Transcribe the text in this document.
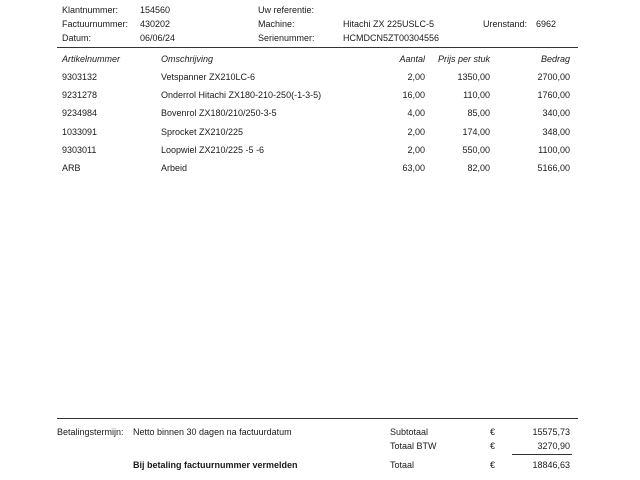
Klantnummer: 154560
Factuurnummer: 430202
Datum:	06/06/24
Uw referentie:
Machine:	Hitachi ZX 225USLC-5
Serienummer:	HCMDCN5ZT00304556
Urenstand: 6962
Artikelnummer	Omschrijving	Aantal	Prijs per stuk	Bedrag
9303132	Vetspanner ZX210LC-6	2,00	1350,00	2700,00
9231278	Onderrol Hitachi ZX180-210-250(-1-3-5)	16,00	110,00	1760,00
9234984	Bovenrol ZX180/210/250-3-5	4,00	85,00	340,00
1033091	Sprocket ZX210/225	2,00	174,00	348,00
9303011	Loopwiel ZX210/225 -5 -6	2,00	550,00	1100,00
ARB	Arbeid	63,00	82,00	5166,00
Betalingstermijn: Netto binnen 30 dagen na factuurdatum
Bij betaling factuurnummer vermelden
Subtotaal	€	15575,73
Totaal BTW	€	3270,90
Totaal	€	18846,63
